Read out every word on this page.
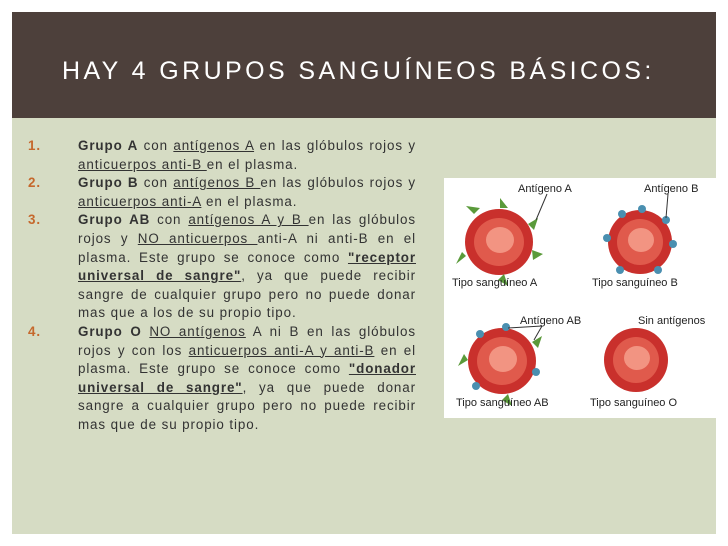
HAY 4 GRUPOS SANGUÍNEOS BÁSICOS:
1.	Grupo A con antígenos A en las glóbulos rojos y anticuerpos anti-B en el plasma.
2.	Grupo B con antígenos B en las glóbulos rojos y anticuerpos anti-A en el plasma.
3.	Grupo AB con antígenos A y B en las glóbulos rojos y NO anticuerpos anti-A ni anti-B en el plasma. Este grupo se conoce como "receptor universal de sangre", ya que puede recibir sangre de cualquier grupo pero no puede donar mas que a los de su propio tipo.
4.	Grupo O NO antígenos A ni B en las glóbulos rojos y con los anticuerpos anti-A y anti-B en el plasma. Este grupo se conoce como "donador universal de sangre", ya que puede donar sangre a cualquier grupo pero no puede recibir mas que de su propio tipo.
Antígeno A	Antígeno B
Tipo sanguíneo A	Tipo sanguíneo B
Antígeno AB	Sin antígenos
Tipo sanguíneo AB	Tipo sanguíneo O
